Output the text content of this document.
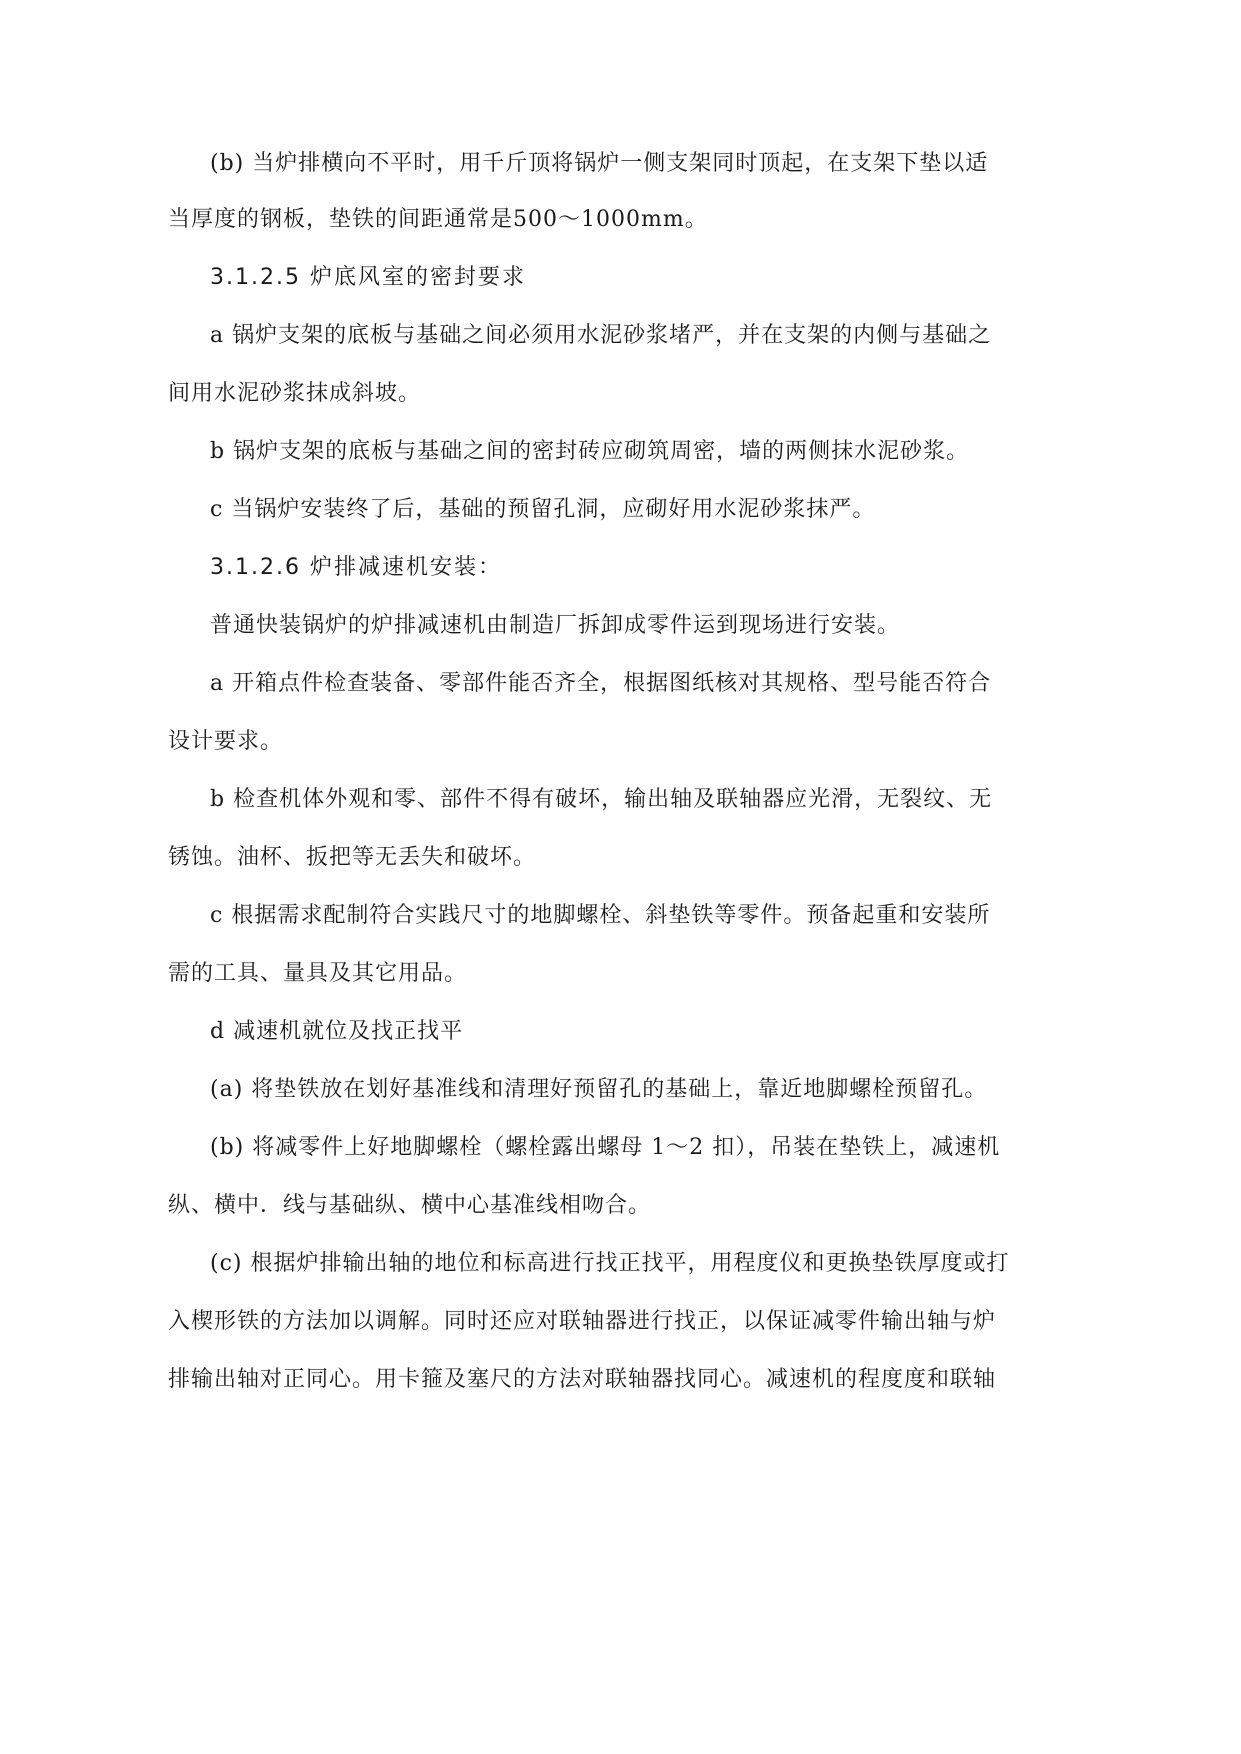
(b) 当炉排横向不平时，用千斤顶将锅炉一侧支架同时顶起，在支架下垫以适
当厚度的钢板，垫铁的间距通常是500～1000mm。
3.1.2.5 炉底风室的密封要求
a 锅炉支架的底板与基础之间必须用水泥砂浆堵严，并在支架的内侧与基础之
间用水泥砂浆抹成斜坡。
b 锅炉支架的底板与基础之间的密封砖应砌筑周密，墙的两侧抹水泥砂浆。
c 当锅炉安装终了后，基础的预留孔洞，应砌好用水泥砂浆抹严。
3.1.2.6 炉排减速机安装：
普通快装锅炉的炉排减速机由制造厂拆卸成零件运到现场进行安装。
a 开箱点件检查装备、零部件能否齐全，根据图纸核对其规格、型号能否符合
设计要求。
b 检查机体外观和零、部件不得有破坏，输出轴及联轴器应光滑，无裂纹、无
锈蚀。油杯、扳把等无丢失和破坏。
c 根据需求配制符合实践尺寸的地脚螺栓、斜垫铁等零件。预备起重和安装所
需的工具、量具及其它用品。
d 减速机就位及找正找平
(a) 将垫铁放在划好基准线和清理好预留孔的基础上，靠近地脚螺栓预留孔。
(b) 将减零件上好地脚螺栓（螺栓露出螺母 1～2 扣），吊装在垫铁上，减速机
纵、横中．线与基础纵、横中心基准线相吻合。
(c) 根据炉排输出轴的地位和标高进行找正找平，用程度仪和更换垫铁厚度或打
入楔形铁的方法加以调解。同时还应对联轴器进行找正，以保证减零件输出轴与炉
排输出轴对正同心。用卡箍及塞尺的方法对联轴器找同心。减速机的程度度和联轴
